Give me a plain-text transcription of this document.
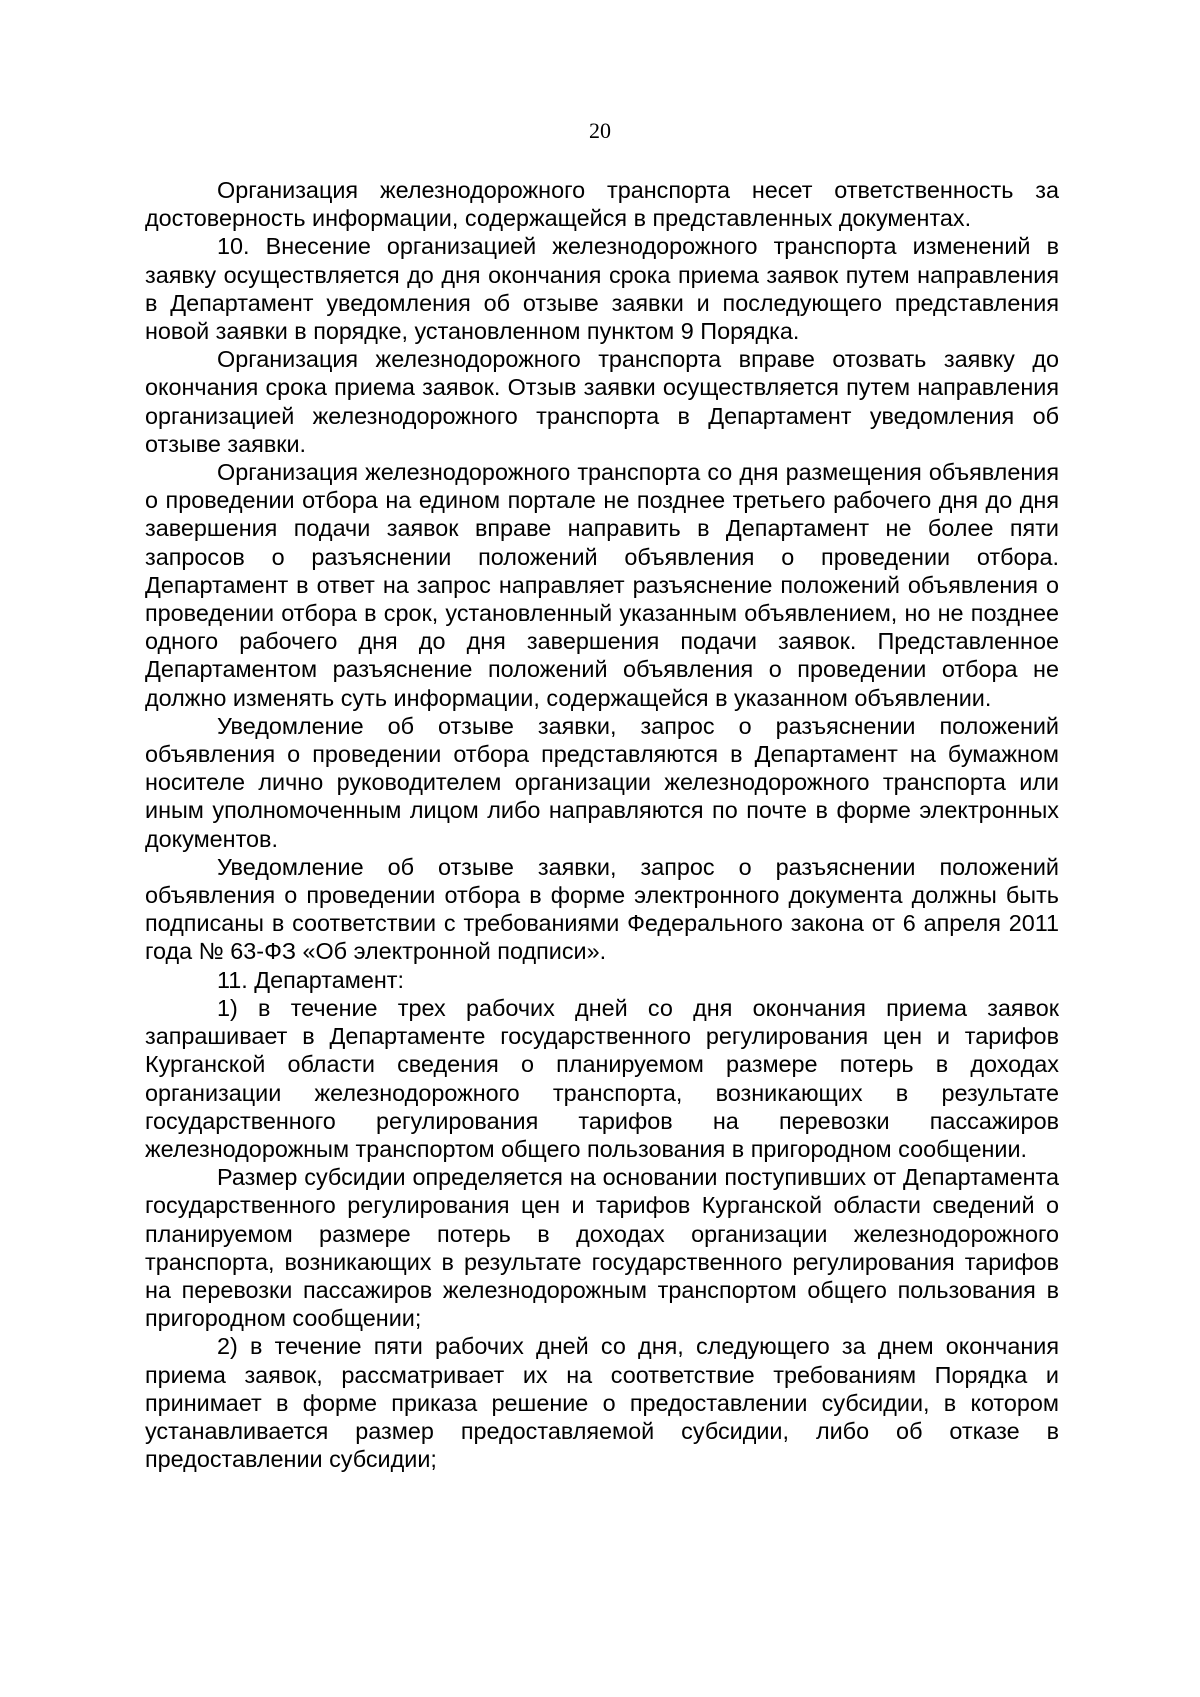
20

Организация железнодорожного транспорта несет ответственность за достоверность информации, содержащейся в представленных документах.

10. Внесение организацией железнодорожного транспорта изменений в заявку осуществляется до дня окончания срока приема заявок путем направления в Департамент уведомления об отзыве заявки и последующего представления новой заявки в порядке, установленном пунктом 9 Порядка.

Организация железнодорожного транспорта вправе отозвать заявку до окончания срока приема заявок. Отзыв заявки осуществляется путем направления организацией железнодорожного транспорта в Департамент уведомления об отзыве заявки.

Организация железнодорожного транспорта со дня размещения объявления о проведении отбора на едином портале не позднее третьего рабочего дня до дня завершения подачи заявок вправе направить в Департамент не более пяти запросов о разъяснении положений объявления о проведении отбора. Департамент в ответ на запрос направляет разъяснение положений объявления о проведении отбора в срок, установленный указанным объявлением, но не позднее одного рабочего дня до дня завершения подачи заявок. Представленное Департаментом разъяснение положений объявления о проведении отбора не должно изменять суть информации, содержащейся в указанном объявлении.

Уведомление об отзыве заявки, запрос о разъяснении положений объявления о проведении отбора представляются в Департамент на бумажном носителе лично руководителем организации железнодорожного транспорта или иным уполномоченным лицом либо направляются по почте в форме электронных документов.

Уведомление об отзыве заявки, запрос о разъяснении положений объявления о проведении отбора в форме электронного документа должны быть подписаны в соответствии с требованиями Федерального закона от 6 апреля 2011 года № 63-ФЗ «Об электронной подписи».

11. Департамент:

1) в течение трех рабочих дней со дня окончания приема заявок запрашивает в Департаменте государственного регулирования цен и тарифов Курганской области сведения о планируемом размере потерь в доходах организации железнодорожного транспорта, возникающих в результате государственного регулирования тарифов на перевозки пассажиров железнодорожным транспортом общего пользования в пригородном сообщении.

Размер субсидии определяется на основании поступивших от Департамента государственного регулирования цен и тарифов Курганской области сведений о планируемом размере потерь в доходах организации железнодорожного транспорта, возникающих в результате государственного регулирования тарифов на перевозки пассажиров железнодорожным транспортом общего пользования в пригородном сообщении;

2) в течение пяти рабочих дней со дня, следующего за днем окончания приема заявок, рассматривает их на соответствие требованиям Порядка и принимает в форме приказа решение о предоставлении субсидии, в котором устанавливается размер предоставляемой субсидии, либо об отказе в предоставлении субсидии;
